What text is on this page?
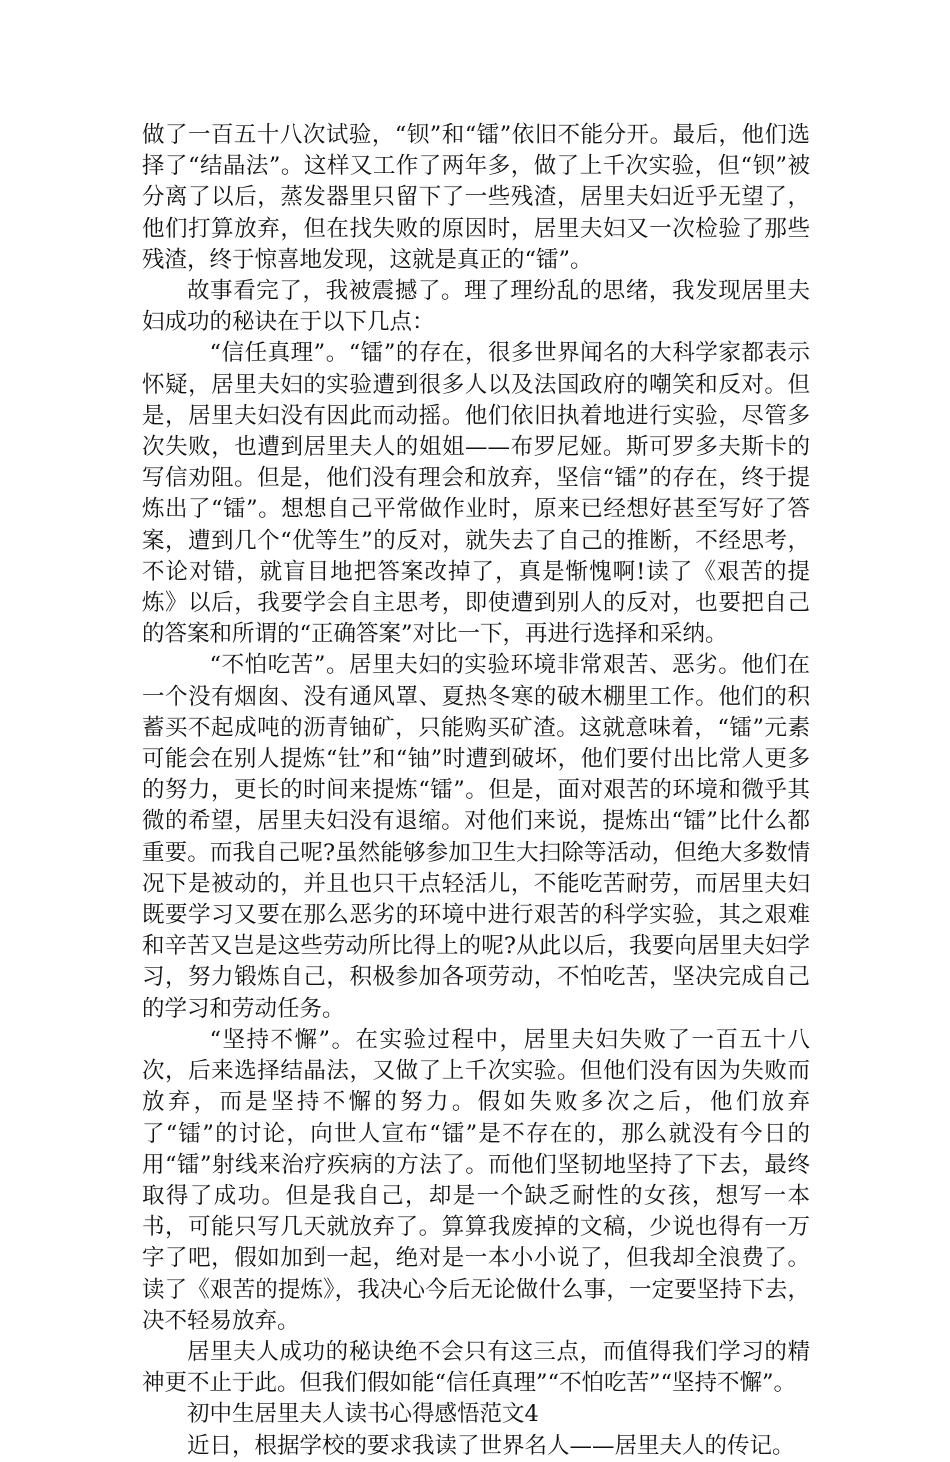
做了一百五十八次试验，“钡”和“镭”依旧不能分开。最后，他们选择了“结晶法”。这样又工作了两年多，做了上千次实验，但“钡”被分离了以后，蒸发器里只留下了一些残渣，居里夫妇近乎无望了，他们打算放弃，但在找失败的原因时，居里夫妇又一次检验了那些残渣，终于惊喜地发现，这就是真正的“镭”。

故事看完了，我被震撼了。理了理纷乱的思绪，我发现居里夫妇成功的秘诀在于以下几点：

“信任真理”。“镭”的存在，很多世界闻名的大科学家都表示怀疑，居里夫妇的实验遭到很多人以及法国政府的嘲笑和反对。但是，居里夫妇没有因此而动摇。他们依旧执着地进行实验，尽管多次失败，也遭到居里夫人的姐姐——布罗尼娅。斯可罗多夫斯卡的写信劝阻。但是，他们没有理会和放弃，坚信“镭”的存在，终于提炼出了“镭”。想想自己平常做作业时，原来已经想好甚至写好了答案，遭到几个“优等生”的反对，就失去了自己的推断，不经思考，不论对错，就盲目地把答案改掉了，真是惭愧啊!读了《艰苦的提炼》以后，我要学会自主思考，即使遭到别人的反对，也要把自己的答案和所谓的“正确答案”对比一下，再进行选择和采纳。

“不怕吃苦”。居里夫妇的实验环境非常艰苦、恶劣。他们在一个没有烟囱、没有通风罩、夏热冬寒的破木棚里工作。他们的积蓄买不起成吨的沥青铀矿，只能购买矿渣。这就意味着，“镭”元素可能会在别人提炼“钍”和“铀”时遭到破坏，他们要付出比常人更多的努力，更长的时间来提炼“镭”。但是，面对艰苦的环境和微乎其微的希望，居里夫妇没有退缩。对他们来说，提炼出“镭”比什么都重要。而我自己呢?虽然能够参加卫生大扫除等活动，但绝大多数情况下是被动的，并且也只干点轻活儿，不能吃苦耐劳，而居里夫妇既要学习又要在那么恶劣的环境中进行艰苦的科学实验，其之艰难和辛苦又岂是这些劳动所比得上的呢?从此以后，我要向居里夫妇学习，努力锻炼自己，积极参加各项劳动，不怕吃苦，坚决完成自己的学习和劳动任务。

“坚持不懈”。在实验过程中，居里夫妇失败了一百五十八次，后来选择结晶法，又做了上千次实验。但他们没有因为失败而放弃，而是坚持不懈的努力。假如失败多次之后，他们放弃了“镭”的讨论，向世人宣布“镭”是不存在的，那么就没有今日的用“镭”射线来治疗疾病的方法了。而他们坚韧地坚持了下去，最终取得了成功。但是我自己，却是一个缺乏耐性的女孩，想写一本书，可能只写几天就放弃了。算算我废掉的文稿，少说也得有一万字了吧，假如加到一起，绝对是一本小小说了，但我却全浪费了。读了《艰苦的提炼》，我决心今后无论做什么事，一定要坚持下去，决不轻易放弃。

居里夫人成功的秘诀绝不会只有这三点，而值得我们学习的精神更不止于此。但我们假如能“信任真理”“不怕吃苦”“坚持不懈”。

初中生居里夫人读书心得感悟范文4

近日，根据学校的要求我读了世界名人——居里夫人的传记。
